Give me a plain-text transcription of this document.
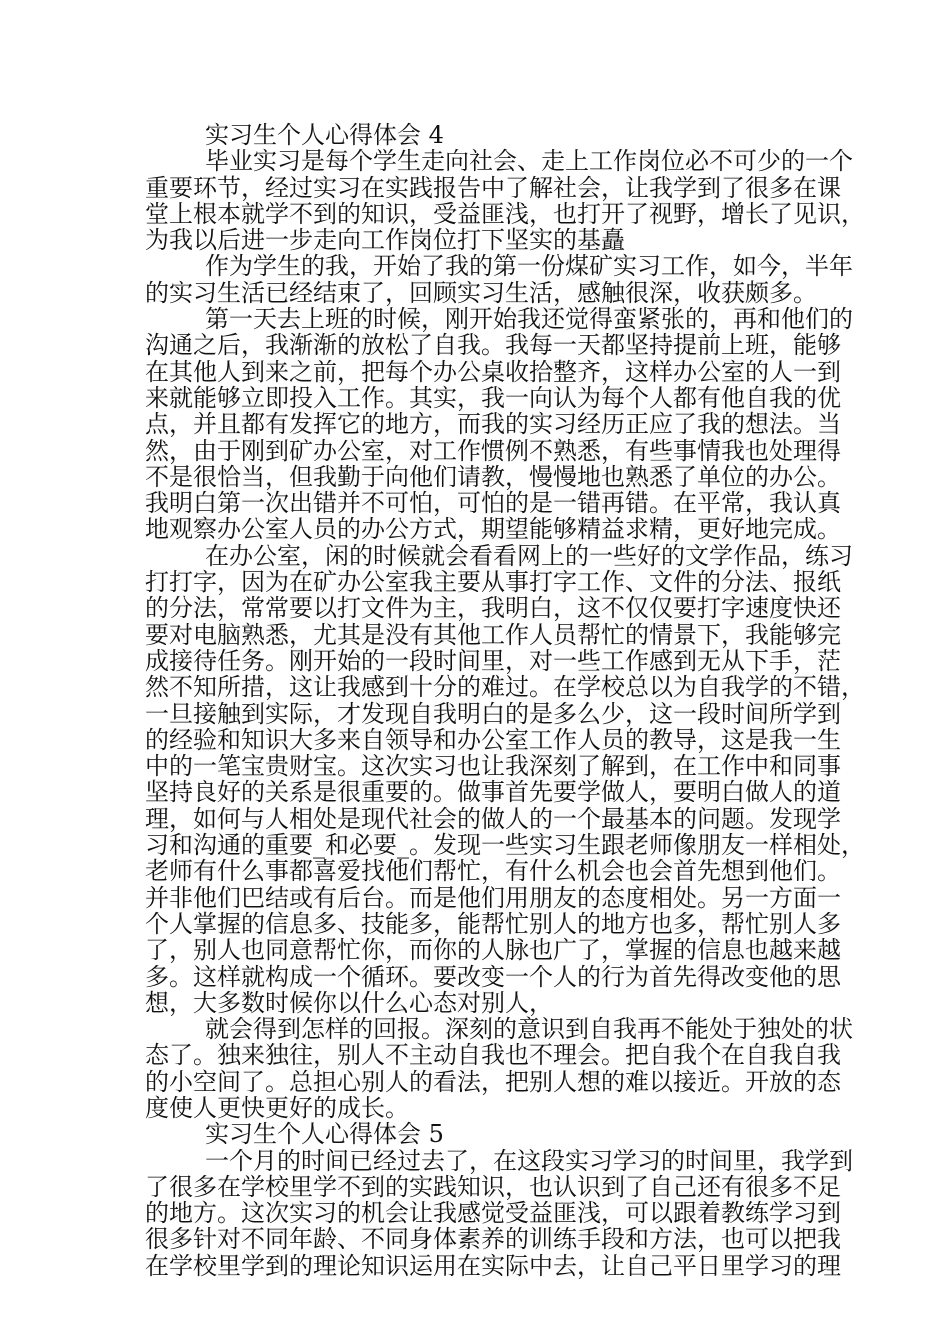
实习生个人心得体会 4
毕业实习是每个学生走向社会、走上工作岗位必不可少的一个
重要环节，经过实习在实践报告中了解社会，让我学到了很多在课
堂上根本就学不到的知识，受益匪浅，也打开了视野，增长了见识，
为我以后进一步走向工作岗位打下坚实的基矗
作为学生的我，开始了我的第一份煤矿实习工作，如今，半年
的实习生活已经结束了，回顾实习生活，感触很深，收获颇多。
第一天去上班的时候，刚开始我还觉得蛮紧张的，再和他们的
沟通之后，我渐渐的放松了自我。我每一天都坚持提前上班，能够
在其他人到来之前，把每个办公桌收拾整齐，这样办公室的人一到
来就能够立即投入工作。其实，我一向认为每个人都有他自我的优
点，并且都有发挥它的地方，而我的实习经历正应了我的想法。当
然，由于刚到矿办公室，对工作惯例不熟悉，有些事情我也处理得
不是很恰当，但我勤于向他们请教，慢慢地也熟悉了单位的办公。
我明白第一次出错并不可怕，可怕的是一错再错。在平常，我认真
地观察办公室人员的办公方式，期望能够精益求精，更好地完成。
在办公室，闲的时候就会看看网上的一些好的文学作品，练习
打打字，因为在矿办公室我主要从事打字工作、文件的分法、报纸
的分法，常常要以打文件为主，我明白，这不仅仅要打字速度快还
要对电脑熟悉，尤其是没有其他工作人员帮忙的情景下，我能够完
成接待任务。刚开始的一段时间里，对一些工作感到无从下手，茫
然不知所措，这让我感到十分的难过。在学校总以为自我学的不错，
一旦接触到实际，才发现自我明白的是多么少，这一段时间所学到
的经验和知识大多来自领导和办公室工作人员的教导，这是我一生
中的一笔宝贵财宝。这次实习也让我深刻了解到，在工作中和同事
坚持良好的关系是很重要的。做事首先要学做人，要明白做人的道
理，如何与人相处是现代社会的做人的一个最基本的问题。发现学
习和沟通的重要_和必要_。发现一些实习生跟老师像朋友一样相处，
老师有什么事都喜爱找他们帮忙，有什么机会也会首先想到他们。
并非他们巴结或有后台。而是他们用朋友的态度相处。另一方面一
个人掌握的信息多、技能多，能帮忙别人的地方也多，帮忙别人多
了，别人也同意帮忙你，而你的人脉也广了，掌握的信息也越来越
多。这样就构成一个循环。要改变一个人的行为首先得改变他的思
想，大多数时候你以什么心态对别人，
就会得到怎样的回报。深刻的意识到自我再不能处于独处的状
态了。独来独往，别人不主动自我也不理会。把自我个在自我自我
的小空间了。总担心别人的看法，把别人想的难以接近。开放的态
度使人更快更好的成长。
实习生个人心得体会 5
一个月的时间已经过去了，在这段实习学习的时间里，我学到
了很多在学校里学不到的实践知识，也认识到了自己还有很多不足
的地方。这次实习的机会让我感觉受益匪浅，可以跟着教练学习到
很多针对不同年龄、不同身体素养的训练手段和方法，也可以把我
在学校里学到的理论知识运用在实际中去，让自己平日里学习的理
